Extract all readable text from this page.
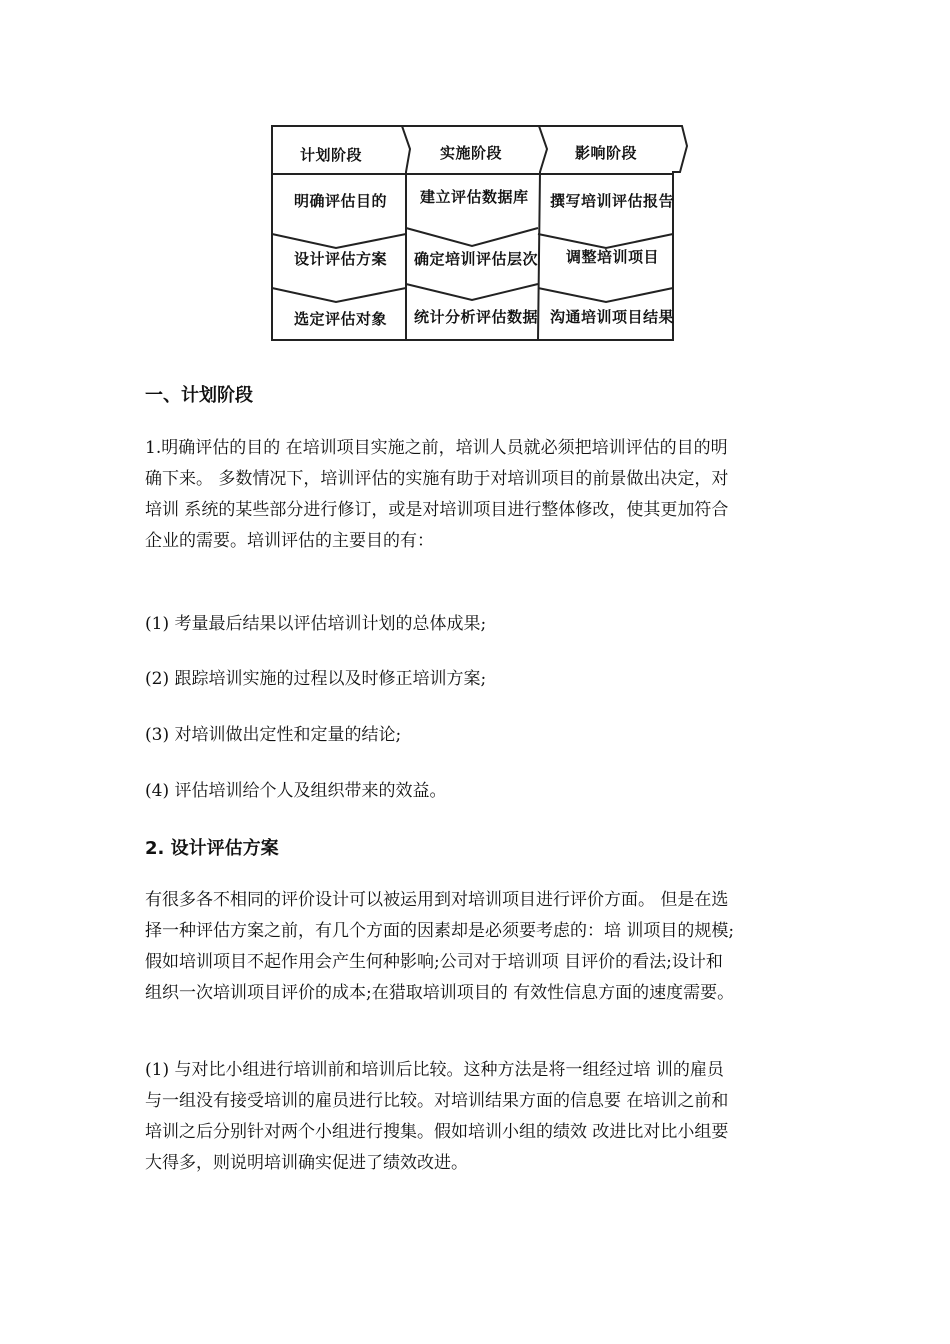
计划阶段	实施阶段	影响阶段
明确评估目的
设计评估方案
选定评估对象
建立评估数据库
确定培训评估层次
统计分析评估数据
撰写培训评估报告
调整培训项目
沟通培训项目结果
一、计划阶段
1.明确评估的目的 在培训项目实施之前，培训人员就必须把培训评估的目的明
确下来。 多数情况下，培训评估的实施有助于对培训项目的前景做出决定，对
培训 系统的某些部分进行修订，或是对培训项目进行整体修改，使其更加符合
企业的需要。培训评估的主要目的有：
(1) 考量最后结果以评估培训计划的总体成果;
(2) 跟踪培训实施的过程以及时修正培训方案;
(3) 对培训做出定性和定量的结论;
(4) 评估培训给个人及组织带来的效益。
2. 设计评估方案
有很多各不相同的评价设计可以被运用到对培训项目进行评价方面。 但是在选
择一种评估方案之前，有几个方面的因素却是必须要考虑的：培 训项目的规模;
假如培训项目不起作用会产生何种影响;公司对于培训项 目评价的看法;设计和
组织一次培训项目评价的成本;在猎取培训项目的 有效性信息方面的速度需要。
(1) 与对比小组进行培训前和培训后比较。这种方法是将一组经过培 训的雇员
与一组没有接受培训的雇员进行比较。对培训结果方面的信息要 在培训之前和
培训之后分别针对两个小组进行搜集。假如培训小组的绩效 改进比对比小组要
大得多，则说明培训确实促进了绩效改进。
